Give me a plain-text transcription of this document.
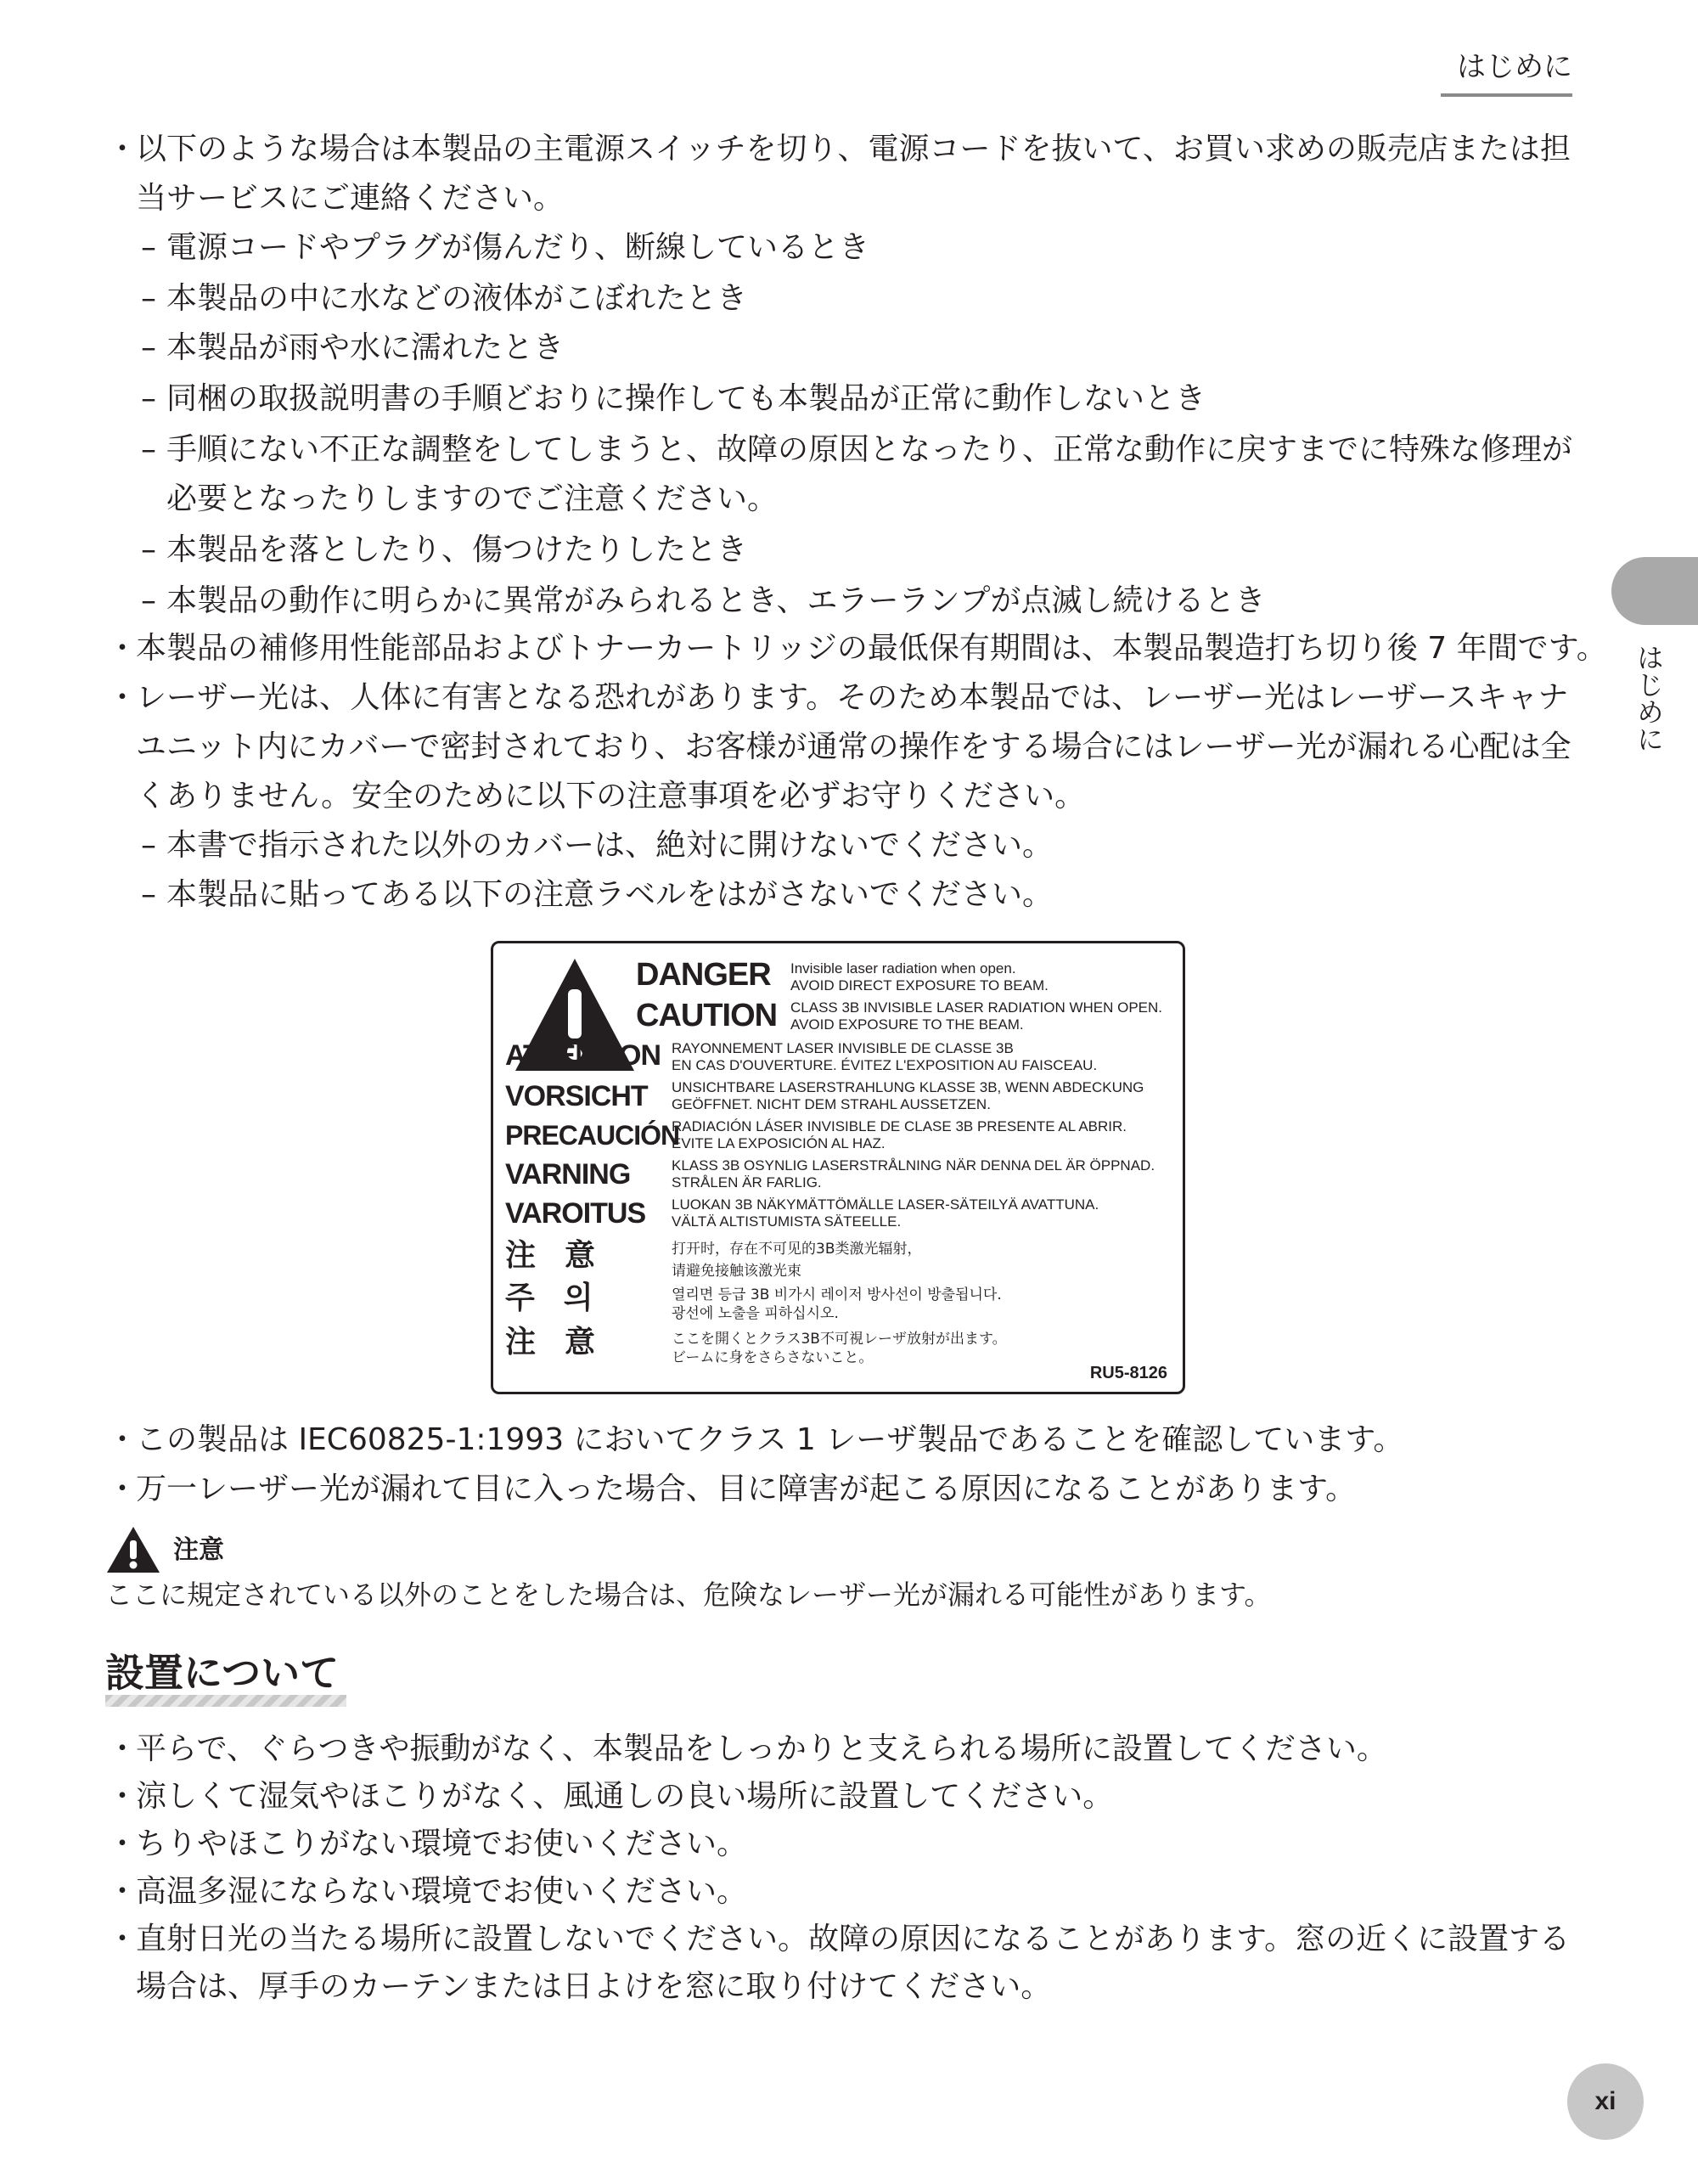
はじめに
はじめに
・ 以下のような場合は本製品の主電源スイッチを切り、電源コードを抜いて、お買い求めの販売店または担
当サービスにご連絡ください。
– 電源コードやプラグが傷んだり、断線しているとき
– 本製品の中に水などの液体がこぼれたとき
– 本製品が雨や水に濡れたとき
– 同梱の取扱説明書の手順どおりに操作しても本製品が正常に動作しないとき
– 手順にない不正な調整をしてしまうと、故障の原因となったり、正常な動作に戻すまでに特殊な修理が
必要となったりしますのでご注意ください。
– 本製品を落としたり、傷つけたりしたとき
– 本製品の動作に明らかに異常がみられるとき、エラーランプが点滅し続けるとき
・ 本製品の補修用性能部品およびトナーカートリッジの最低保有期間は、本製品製造打ち切り後 7 年間です。
・ レーザー光は、人体に有害となる恐れがあります。そのため本製品では、レーザー光はレーザースキャナ
ユニット内にカバーで密封されており、お客様が通常の操作をする場合にはレーザー光が漏れる心配は全
くありません。安全のために以下の注意事項を必ずお守りください。
– 本書で指示された以外のカバーは、絶対に開けないでください。
– 本製品に貼ってある以下の注意ラベルをはがさないでください。
DANGER Invisible laser radiation when open.
AVOID DIRECT EXPOSURE TO BEAM.
CAUTION CLASS 3B INVISIBLE LASER RADIATION WHEN OPEN.
AVOID EXPOSURE TO THE BEAM.
ATTENTION RAYONNEMENT LASER INVISIBLE DE CLASSE 3B
EN CAS D'OUVERTURE. ÉVITEZ L'EXPOSITION AU FAISCEAU.
VORSICHT UNSICHTBARE LASERSTRAHLUNG KLASSE 3B, WENN ABDECKUNG
GEÖFFNET. NICHT DEM STRAHL AUSSETZEN.
PRECAUCIÓN
RADIACIÓN LÁSER INVISIBLE DE CLASE 3B PRESENTE AL ABRIR.
EVITE LA EXPOSICIÓN AL HAZ.
VARNING	KLASS 3B OSYNLIG LASERSTRÅLNING NÄR DENNA DEL ÄR ÖPPNAD.
STRÅLEN ÄR FARLIG.
VAROITUS LUOKAN 3B NÄKYMÄTTÖMÄLLE LASER-SÄTEILYÄ AVATTUNA.
VÄLTÄ ALTISTUMISTA SÄTEELLE.
注　意	打开时，存在不可见的3B类激光辐射，
请避免接触该激光束
주　의	열리면 등급 3B 비가시 레이저 방사선이 방출됩니다.
광선에 노출을 피하십시오.
注　意	ここを開くとクラス3B不可視レーザ放射が出ます。
ビームに身をさらさないこと。
RU5-8126
・ この製品は IEC60825-1:1993 においてクラス 1 レーザ製品であることを確認しています。
・ 万一レーザー光が漏れて目に入った場合、目に障害が起こる原因になることがあります。
注意
ここに規定されている以外のことをした場合は、危険なレーザー光が漏れる可能性があります。
設置について
・ 平らで、ぐらつきや振動がなく、本製品をしっかりと支えられる場所に設置してください。
・ 涼しくて湿気やほこりがなく、風通しの良い場所に設置してください。
・ ちりやほこりがない環境でお使いください。
・ 高温多湿にならない環境でお使いください。
・ 直射日光の当たる場所に設置しないでください。故障の原因になることがあります。窓の近くに設置する
場合は、厚手のカーテンまたは日よけを窓に取り付けてください。
xi
